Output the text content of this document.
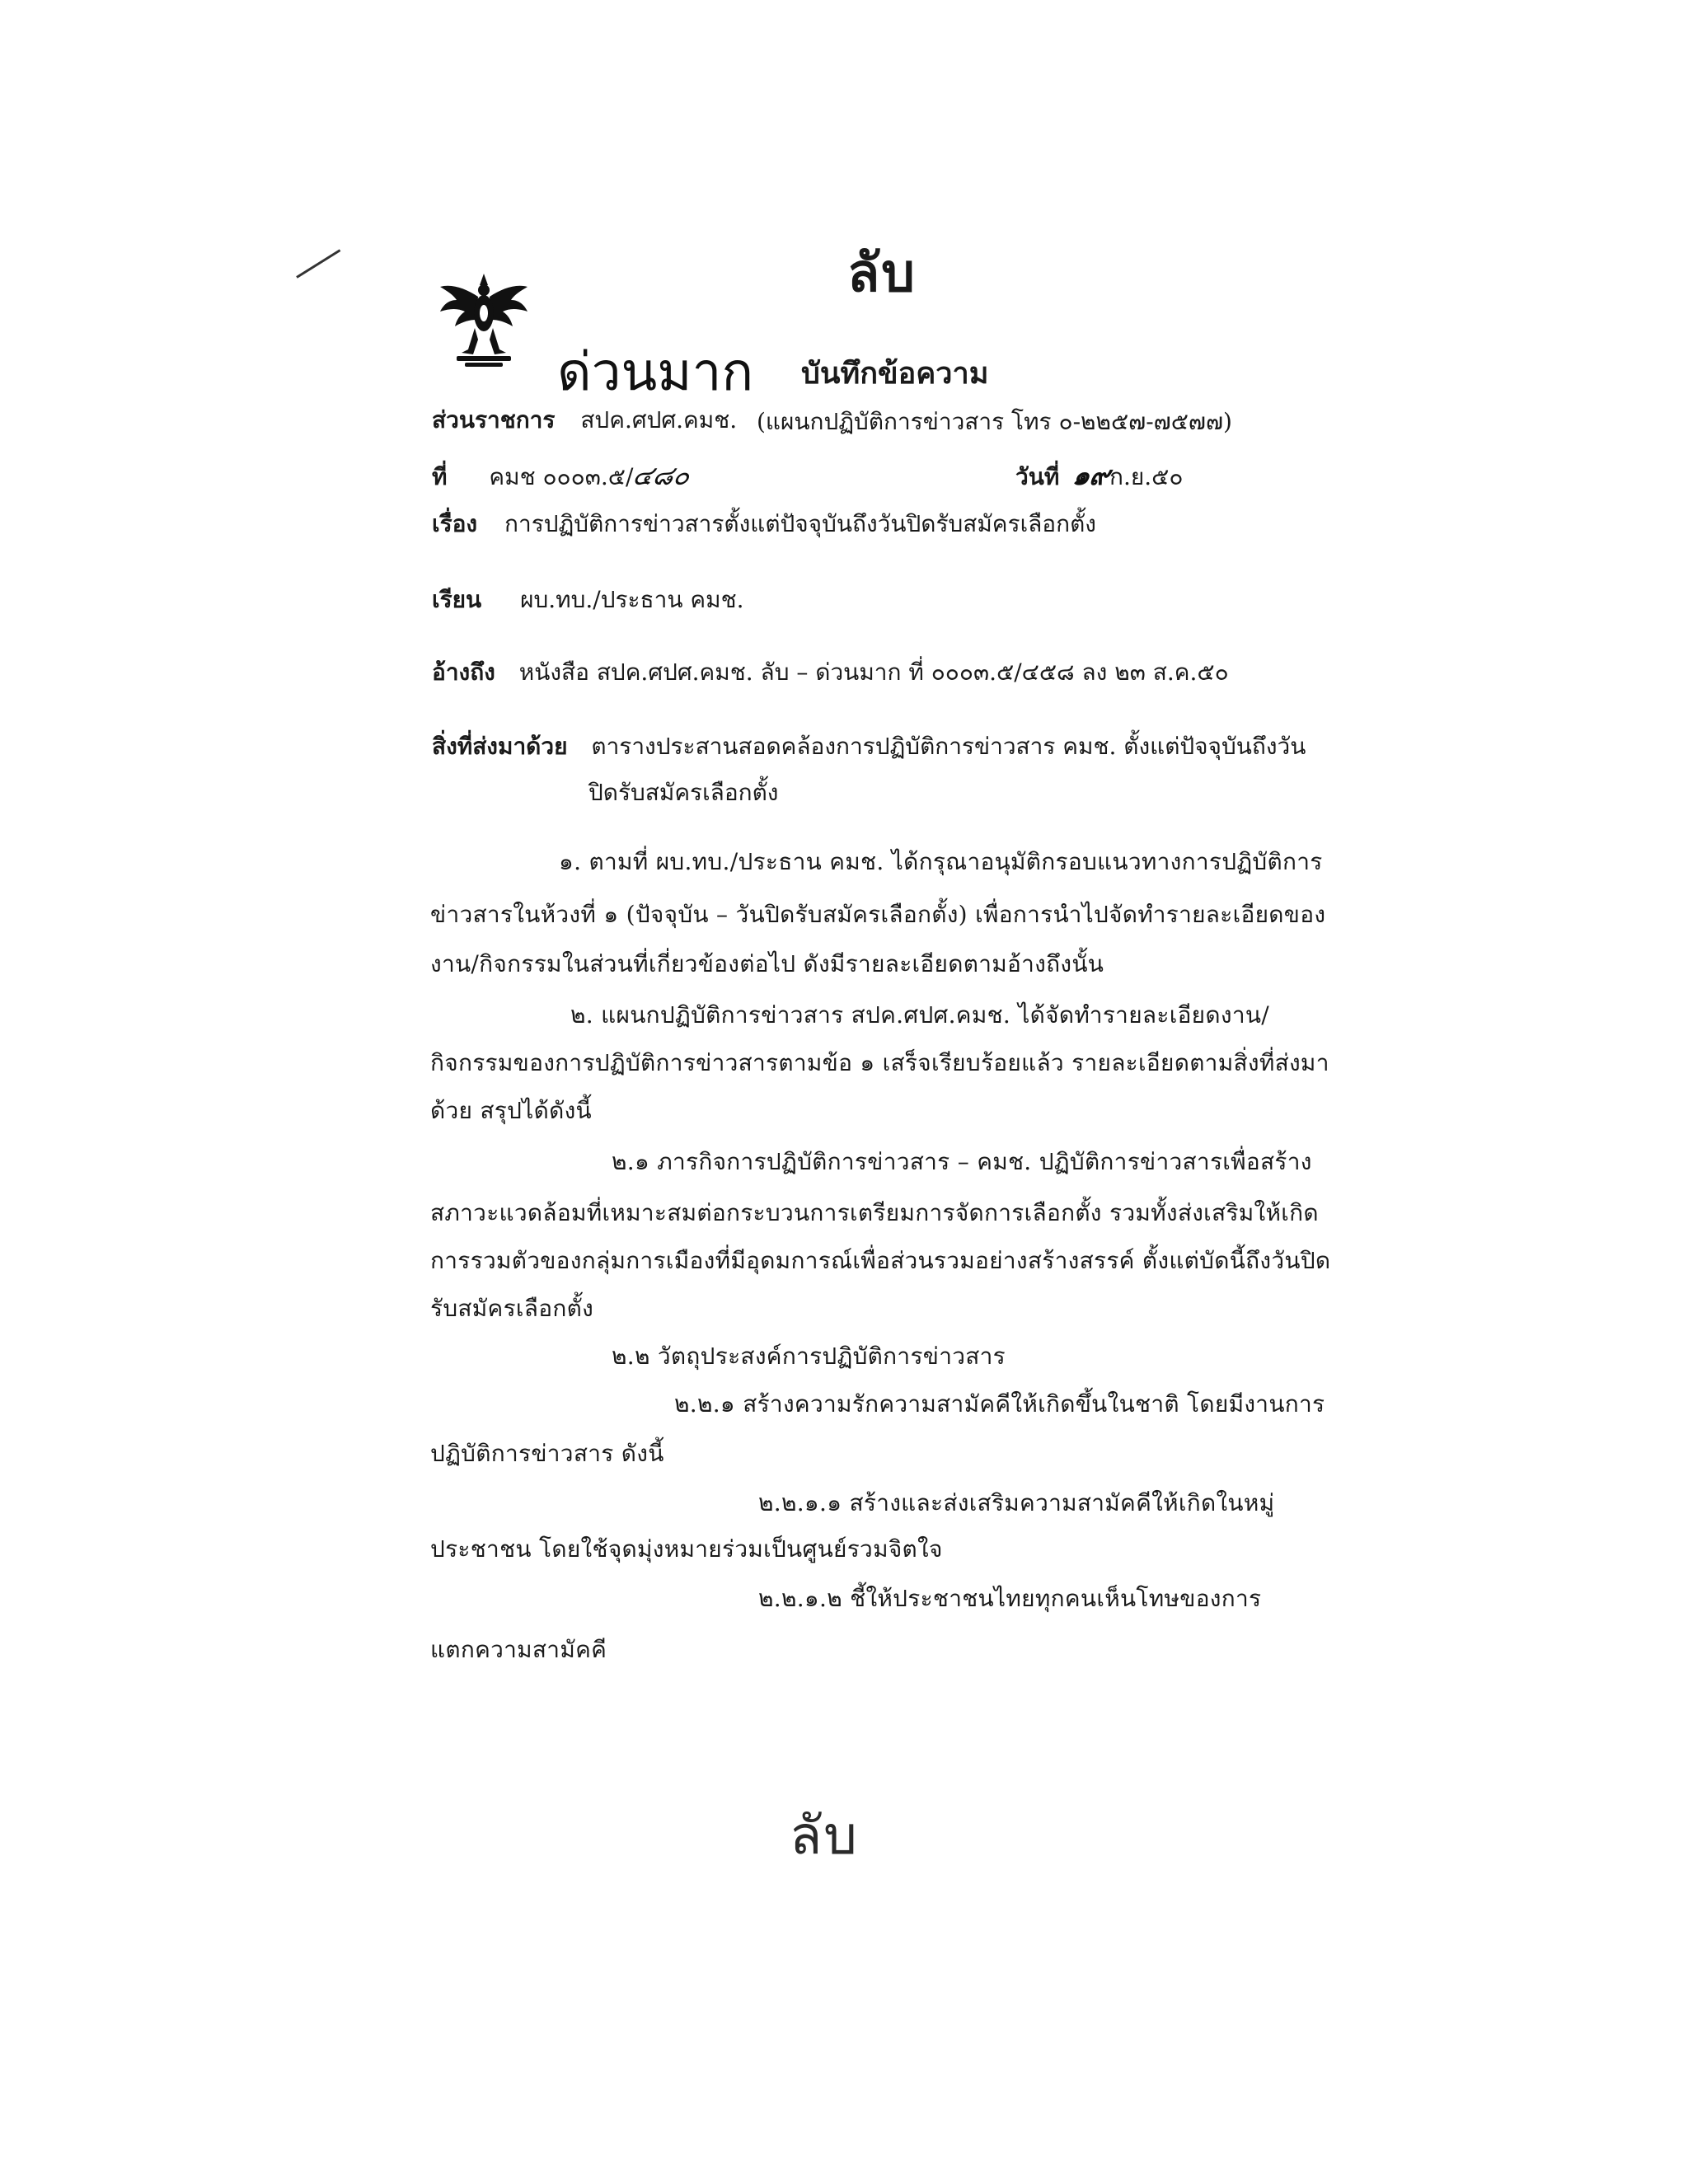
ลับ
ด่วนมาก บันทึกข้อความ
ส่วนราชการ สปค.ศปศ.คมช. (แผนกปฏิบัติการข่าวสาร โทร ๐-๒๒๕๗-๗๕๗๗)
ที่ คมช ๐๐๐๓.๕/๔๘๐	วันที่ ๑๙ก.ย.๕๐
เรื่อง การปฏิบัติการข่าวสารตั้งแต่ปัจจุบันถึงวันปิดรับสมัครเลือกตั้ง
เรียน ผบ.ทบ./ประธาน คมช.
อ้างถึง หนังสือ สปค.ศปศ.คมช. ลับ – ด่วนมาก ที่ ๐๐๐๓.๕/๔๕๘ ลง ๒๓ ส.ค.๕๐
สิ่งที่ส่งมาด้วย ตารางประสานสอดคล้องการปฏิบัติการข่าวสาร คมช. ตั้งแต่ปัจจุบันถึงวัน
ปิดรับสมัครเลือกตั้ง
๑. ตามที่ ผบ.ทบ./ประธาน คมช. ได้กรุณาอนุมัติกรอบแนวทางการปฏิบัติการ
ข่าวสารในห้วงที่ ๑ (ปัจจุบัน – วันปิดรับสมัครเลือกตั้ง) เพื่อการนำไปจัดทำรายละเอียดของ
งาน/กิจกรรมในส่วนที่เกี่ยวข้องต่อไป ดังมีรายละเอียดตามอ้างถึงนั้น
๒. แผนกปฏิบัติการข่าวสาร สปค.ศปศ.คมช. ได้จัดทำรายละเอียดงาน/
กิจกรรมของการปฏิบัติการข่าวสารตามข้อ ๑ เสร็จเรียบร้อยแล้ว รายละเอียดตามสิ่งที่ส่งมา
ด้วย สรุปได้ดังนี้
๒.๑ ภารกิจการปฏิบัติการข่าวสาร – คมช. ปฏิบัติการข่าวสารเพื่อสร้าง
สภาวะแวดล้อมที่เหมาะสมต่อกระบวนการเตรียมการจัดการเลือกตั้ง รวมทั้งส่งเสริมให้เกิด
การรวมตัวของกลุ่มการเมืองที่มีอุดมการณ์เพื่อส่วนรวมอย่างสร้างสรรค์ ตั้งแต่บัดนี้ถึงวันปิด
รับสมัครเลือกตั้ง
๒.๒ วัตถุประสงค์การปฏิบัติการข่าวสาร
๒.๒.๑ สร้างความรักความสามัคคีให้เกิดขึ้นในชาติ โดยมีงานการ
ปฏิบัติการข่าวสาร ดังนี้
๒.๒.๑.๑ สร้างและส่งเสริมความสามัคคีให้เกิดในหมู่
ประชาชน โดยใช้จุดมุ่งหมายร่วมเป็นศูนย์รวมจิตใจ
๒.๒.๑.๒ ชี้ให้ประชาชนไทยทุกคนเห็นโทษของการ
แตกความสามัคคี
ลับ
